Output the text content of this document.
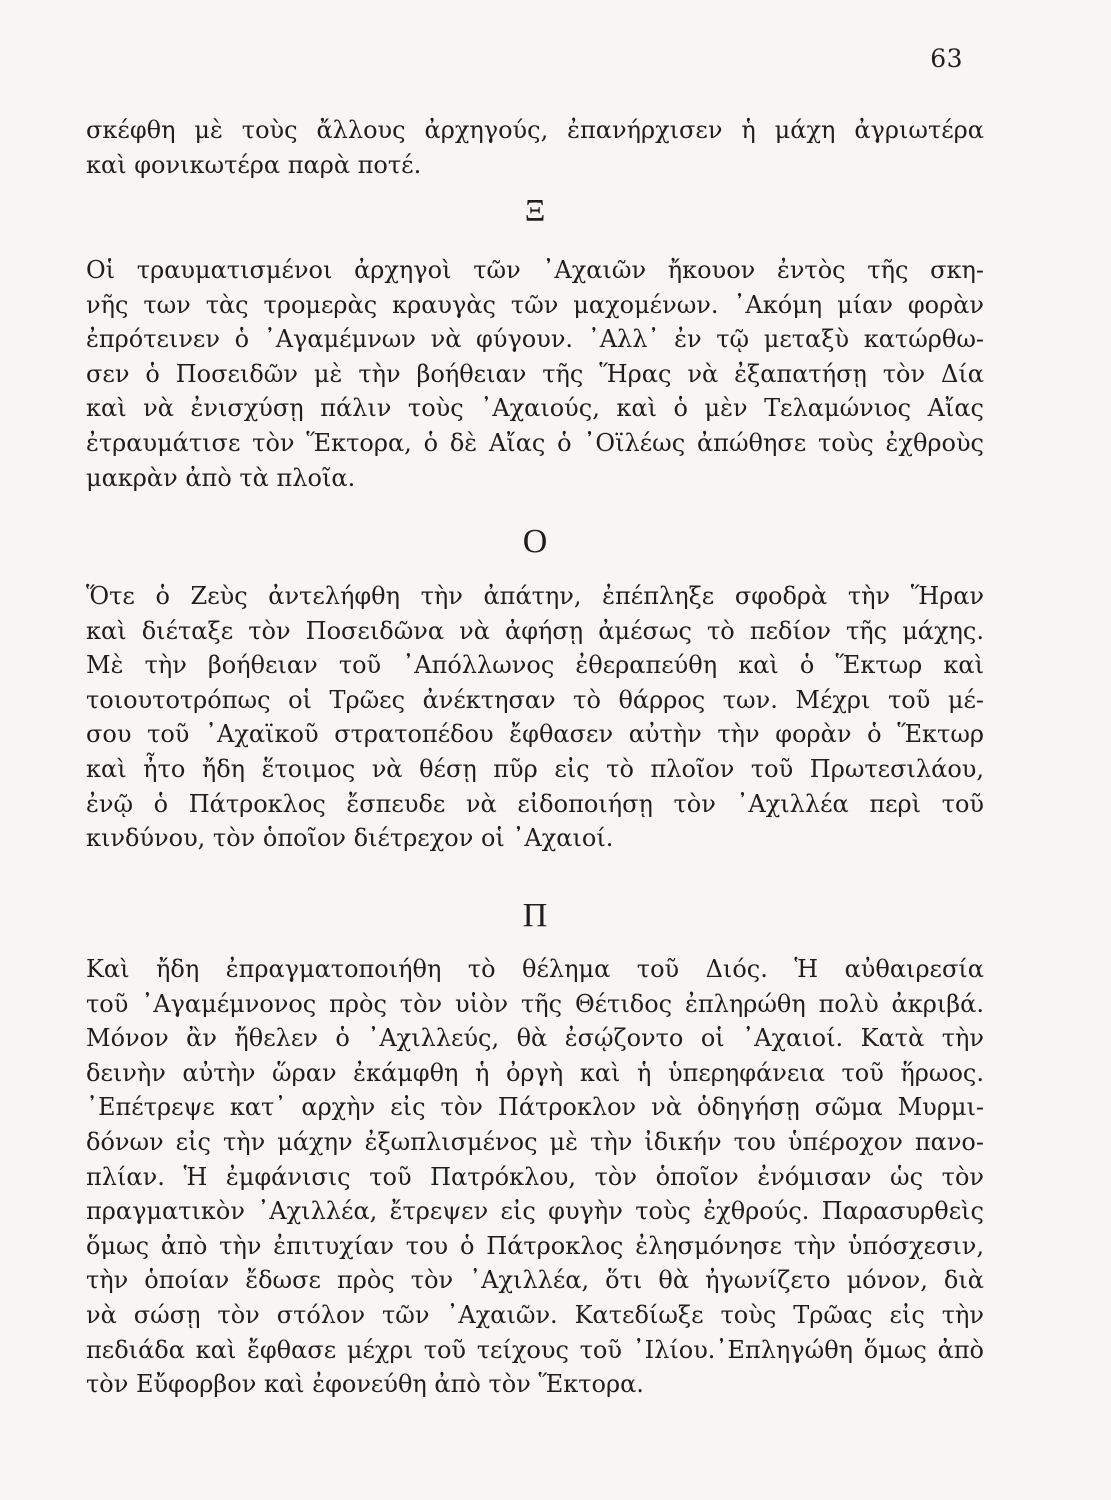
63
σκέφθη μὲ τοὺς ἄλλους ἀρχηγούς, ἐπανήρχισεν ἡ μάχη ἀγριωτέρα
καὶ φονικωτέρα παρὰ ποτέ.
Ξ
Οἱ τραυματισμένοι ἀρχηγοὶ τῶν ᾿Αχαιῶν ἤκουον ἐντὸς τῆς σκη-
νῆς των τὰς τρομερὰς κραυγὰς τῶν μαχομένων. ᾿Ακόμη μίαν φορὰν
ἐπρότεινεν ὁ ᾿Αγαμέμνων νὰ φύγουν. ᾿Αλλ᾿ ἐν τῷ μεταξὺ κατώρθω-
σεν ὁ Ποσειδῶν μὲ τὴν βοήθειαν τῆς Ἥρας νὰ ἐξαπατήσῃ τὸν Δία
καὶ νὰ ἐνισχύσῃ πάλιν τοὺς ᾿Αχαιούς, καὶ ὁ μὲν Τελαμώνιος Αἴας
ἐτραυμάτισε τὸν Ἕκτορα, ὁ δὲ Αἴας ὁ ᾿Οϊλέως ἀπώθησε τοὺς ἐχθροὺς
μακρὰν ἀπὸ τὰ πλοῖα.
Ο
Ὅτε ὁ Ζεὺς ἀντελήφθη τὴν ἀπάτην, ἐπέπληξε σφοδρὰ τὴν Ἥραν
καὶ διέταξε τὸν Ποσειδῶνα νὰ ἀφήσῃ ἀμέσως τὸ πεδίον τῆς μάχης.
Μὲ τὴν βοήθειαν τοῦ ᾿Απόλλωνος ἐθεραπεύθη καὶ ὁ Ἕκτωρ καὶ
τοιουτοτρόπως οἱ Τρῶες ἀνέκτησαν τὸ θάρρος των. Μέχρι τοῦ μέ-
σου τοῦ ᾿Αχαϊκοῦ στρατοπέδου ἔφθασεν αὐτὴν τὴν φορὰν ὁ Ἕκτωρ
καὶ ἦτο ἤδη ἕτοιμος νὰ θέσῃ πῦρ εἰς τὸ πλοῖον τοῦ Πρωτεσιλάου,
ἐνῷ ὁ Πάτροκλος ἔσπευδε νὰ εἰδοποιήσῃ τὸν ᾿Αχιλλέα περὶ τοῦ
κινδύνου, τὸν ὁποῖον διέτρεχον οἱ ᾿Αχαιοί.
Π
Καὶ ἤδη ἐπραγματοποιήθη τὸ θέλημα τοῦ Διός. Ἡ αὐθαιρεσία
τοῦ ᾿Αγαμέμνονος πρὸς τὸν υἱὸν τῆς Θέτιδος ἐπληρώθη πολὺ ἀκριβά.
Μόνον ἂν ἤθελεν ὁ ᾿Αχιλλεύς, θὰ ἐσῴζοντο οἱ ᾿Αχαιοί. Κατὰ τὴν
δεινὴν αὐτὴν ὥραν ἐκάμφθη ἡ ὀργὴ καὶ ἡ ὑπερηφάνεια τοῦ ἥρωος.
᾿Επέτρεψε κατ᾿ αρχὴν εἰς τὸν Πάτροκλον νὰ ὁδηγήσῃ σῶμα Μυρμι-
δόνων εἰς τὴν μάχην ἐξωπλισμένος μὲ τὴν ἰδικήν του ὑπέροχον πανο-
πλίαν. Ἡ ἐμφάνισις τοῦ Πατρόκλου, τὸν ὁποῖον ἐνόμισαν ὡς τὸν
πραγματικὸν ᾿Αχιλλέα, ἔτρεψεν εἰς φυγὴν τοὺς ἐχθρούς. Παρασυρθεὶς
ὅμως ἀπὸ τὴν ἐπιτυχίαν του ὁ Πάτροκλος ἐλησμόνησε τὴν ὑπόσχεσιν,
τὴν ὁποίαν ἔδωσε πρὸς τὸν ᾿Αχιλλέα, ὅτι θὰ ἠγωνίζετο μόνον, διὰ
νὰ σώσῃ τὸν στόλον τῶν ᾿Αχαιῶν. Κατεδίωξε τοὺς Τρῶας εἰς τὴν
πεδιάδα καὶ ἔφθασε μέχρι τοῦ τείχους τοῦ ᾿Ιλίου.᾿Επληγώθη ὅμως ἀπὸ
τὸν Εὔφορβον καὶ ἐφονεύθη ἀπὸ τὸν Ἕκτορα.
